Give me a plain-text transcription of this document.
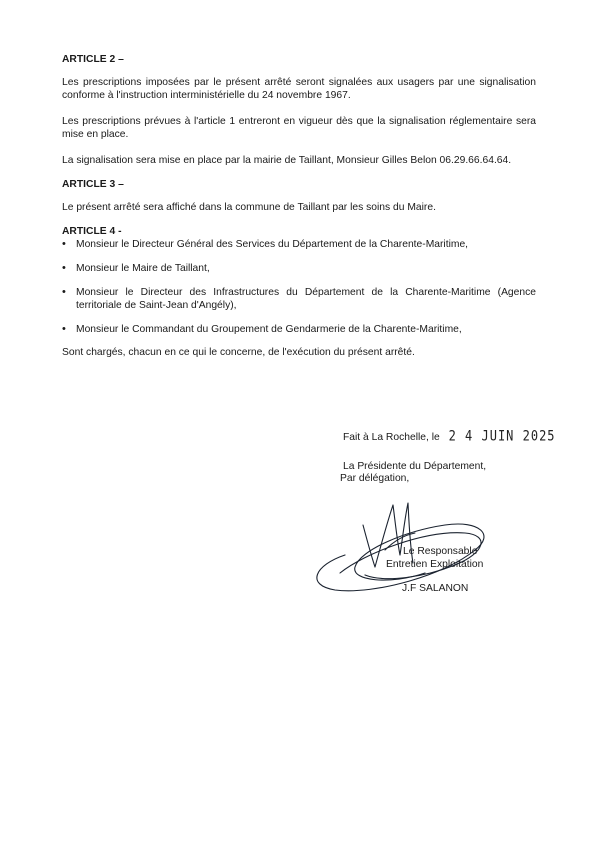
ARTICLE 2 –

Les prescriptions imposées par le présent arrêté seront signalées aux usagers par une signalisation conforme à l'instruction interministérielle du 24 novembre 1967.

Les prescriptions prévues à l'article 1 entreront en vigueur dès que la signalisation réglementaire sera mise en place.

La signalisation sera mise en place par la mairie de Taillant, Monsieur Gilles Belon 06.29.66.64.64.

ARTICLE 3 –

Le présent arrêté sera affiché dans la commune de Taillant par les soins du Maire.

ARTICLE 4 -

• Monsieur le Directeur Général des Services du Département de la Charente-Maritime,
• Monsieur le Maire de Taillant,
• Monsieur le Directeur des Infrastructures du Département de la Charente-Maritime (Agence territoriale de Saint-Jean d'Angély),
• Monsieur le Commandant du Groupement de Gendarmerie de la Charente-Maritime,

Sont chargés, chacun en ce qui le concerne, de l'exécution du présent arrêté.

Fait à La Rochelle, le 2 4 JUIN 2025
La Présidente du Département,
Par délégation,
Le Responsable
Entretien Exploitation
J.F SALANON
